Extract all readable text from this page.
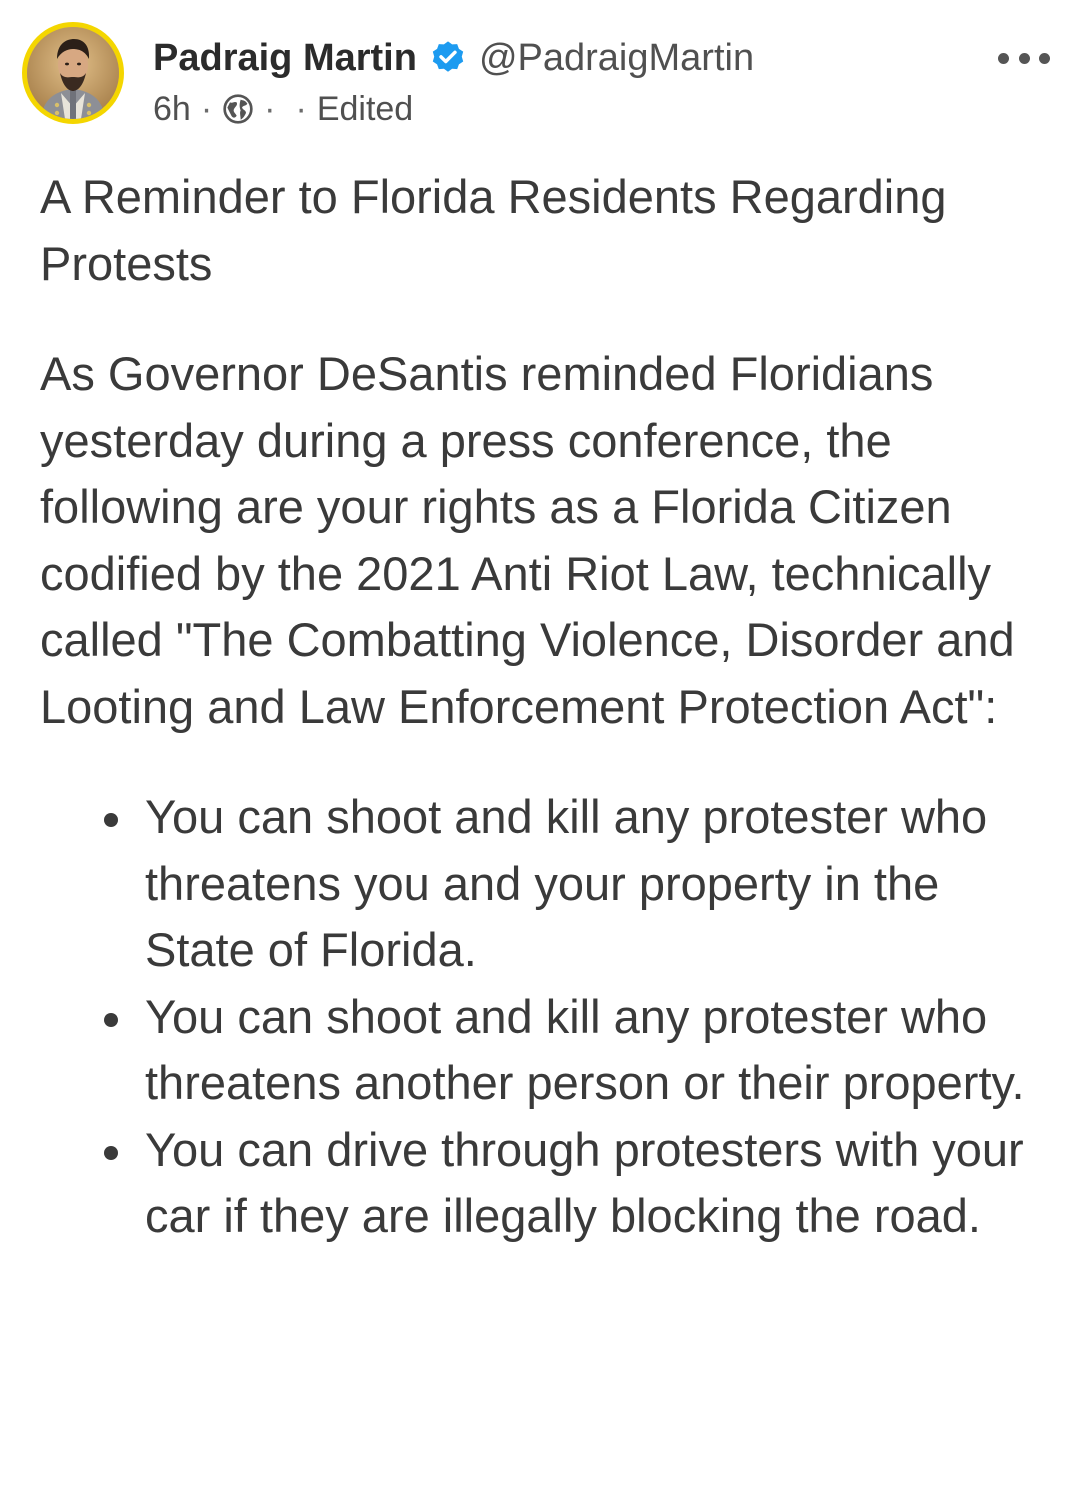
Padraig Martin @PadraigMartin
6h · · · Edited

A Reminder to Florida Residents Regarding Protests

As Governor DeSantis reminded Floridians yesterday during a press conference, the following are your rights as a Florida Citizen codified by the 2021 Anti Riot Law, technically called "The Combatting Violence, Disorder and Looting and Law Enforcement Protection Act":

You can shoot and kill any protester who threatens you and your property in the State of Florida.
You can shoot and kill any protester who threatens another person or their property.
You can drive through protesters with your car if they are illegally blocking the road.
